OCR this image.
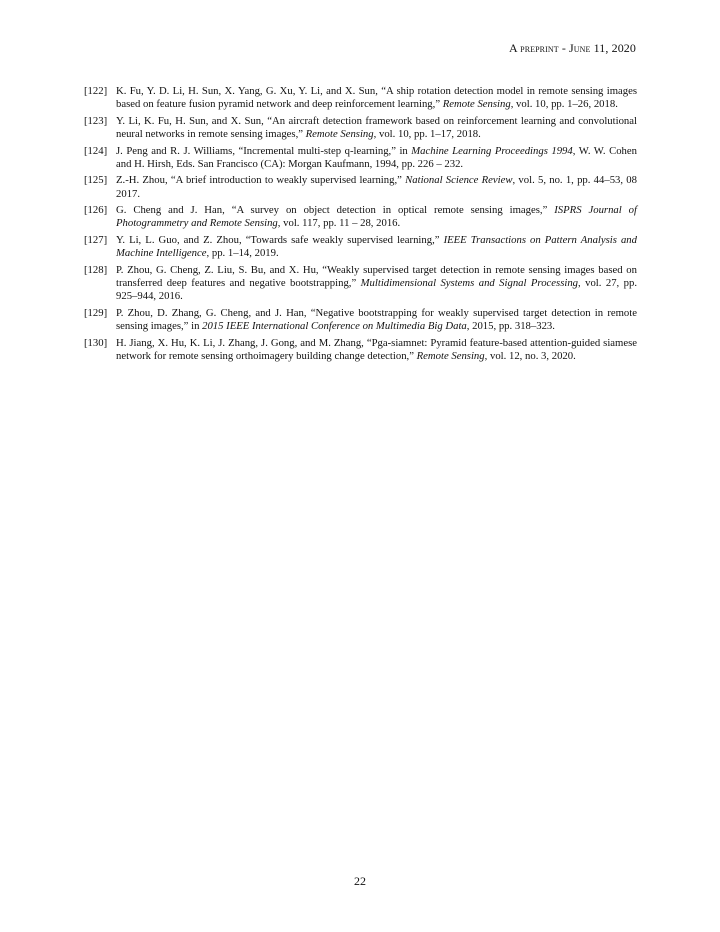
A preprint - June 11, 2020
[122] K. Fu, Y. D. Li, H. Sun, X. Yang, G. Xu, Y. Li, and X. Sun, “A ship rotation detection model in remote sensing images based on feature fusion pyramid network and deep reinforcement learning,” Remote Sensing, vol. 10, pp. 1–26, 2018.
[123] Y. Li, K. Fu, H. Sun, and X. Sun, “An aircraft detection framework based on reinforcement learning and convolutional neural networks in remote sensing images,” Remote Sensing, vol. 10, pp. 1–17, 2018.
[124] J. Peng and R. J. Williams, “Incremental multi-step q-learning,” in Machine Learning Proceedings 1994, W. W. Cohen and H. Hirsh, Eds. San Francisco (CA): Morgan Kaufmann, 1994, pp. 226 – 232.
[125] Z.-H. Zhou, “A brief introduction to weakly supervised learning,” National Science Review, vol. 5, no. 1, pp. 44–53, 08 2017.
[126] G. Cheng and J. Han, “A survey on object detection in optical remote sensing images,” ISPRS Journal of Photogrammetry and Remote Sensing, vol. 117, pp. 11 – 28, 2016.
[127] Y. Li, L. Guo, and Z. Zhou, “Towards safe weakly supervised learning,” IEEE Transactions on Pattern Analysis and Machine Intelligence, pp. 1–14, 2019.
[128] P. Zhou, G. Cheng, Z. Liu, S. Bu, and X. Hu, “Weakly supervised target detection in remote sensing images based on transferred deep features and negative bootstrapping,” Multidimensional Systems and Signal Processing, vol. 27, pp. 925–944, 2016.
[129] P. Zhou, D. Zhang, G. Cheng, and J. Han, “Negative bootstrapping for weakly supervised target detection in remote sensing images,” in 2015 IEEE International Conference on Multimedia Big Data, 2015, pp. 318–323.
[130] H. Jiang, X. Hu, K. Li, J. Zhang, J. Gong, and M. Zhang, “Pga-siamnet: Pyramid feature-based attention-guided siamese network for remote sensing orthoimagery building change detection,” Remote Sensing, vol. 12, no. 3, 2020.
22
